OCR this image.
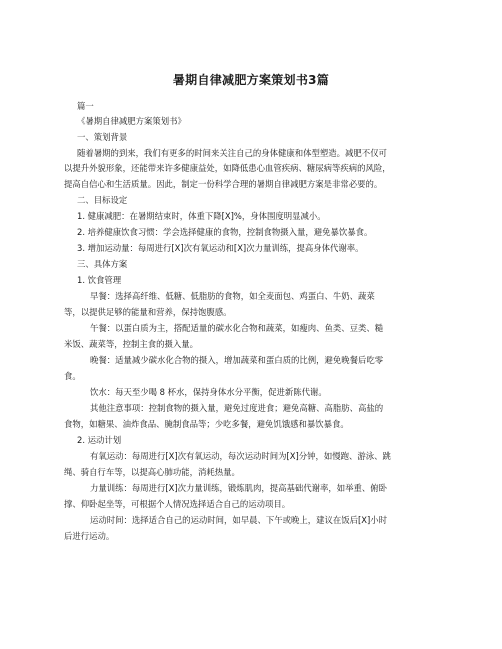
暑期自律减肥方案策划书3篇
篇一
《暑期自律减肥方案策划书》
一、策划背景
随着暑期的到来，我们有更多的时间来关注自己的身体健康和体型塑造。减肥不仅可
以提升外貌形象，还能带来许多健康益处，如降低患心血管疾病、糖尿病等疾病的风险，
提高自信心和生活质量。因此，制定一份科学合理的暑期自律减肥方案是非常必要的。
二、目标设定
1. 健康减肥：在暑期结束时，体重下降[X]%，身体围度明显减小。
2. 培养健康饮食习惯：学会选择健康的食物，控制食物摄入量，避免暴饮暴食。
3. 增加运动量：每周进行[X]次有氧运动和[X]次力量训练，提高身体代谢率。
三、具体方案
1. 饮食管理
早餐：选择高纤维、低糖、低脂肪的食物，如全麦面包、鸡蛋白、牛奶、蔬菜
等，以提供足够的能量和营养，保持饱腹感。
午餐：以蛋白质为主，搭配适量的碳水化合物和蔬菜，如瘦肉、鱼类、豆类、糙
米饭、蔬菜等，控制主食的摄入量。
晚餐：适量减少碳水化合物的摄入，增加蔬菜和蛋白质的比例，避免晚餐后吃零
食。
饮水：每天至少喝 8 杯水，保持身体水分平衡，促进新陈代谢。
其他注意事项：控制食物的摄入量，避免过度进食；避免高糖、高脂肪、高盐的
食物，如糖果、油炸食品、腌制食品等；少吃多餐，避免饥饿感和暴饮暴食。
2. 运动计划
有氧运动：每周进行[X]次有氧运动，每次运动时间为[X]分钟，如慢跑、游泳、跳
绳、骑自行车等，以提高心肺功能，消耗热量。
力量训练：每周进行[X]次力量训练，锻炼肌肉，提高基础代谢率，如举重、俯卧
撑、仰卧起坐等，可根据个人情况选择适合自己的运动项目。
运动时间：选择适合自己的运动时间，如早晨、下午或晚上，建议在饭后[X]小时
后进行运动。
